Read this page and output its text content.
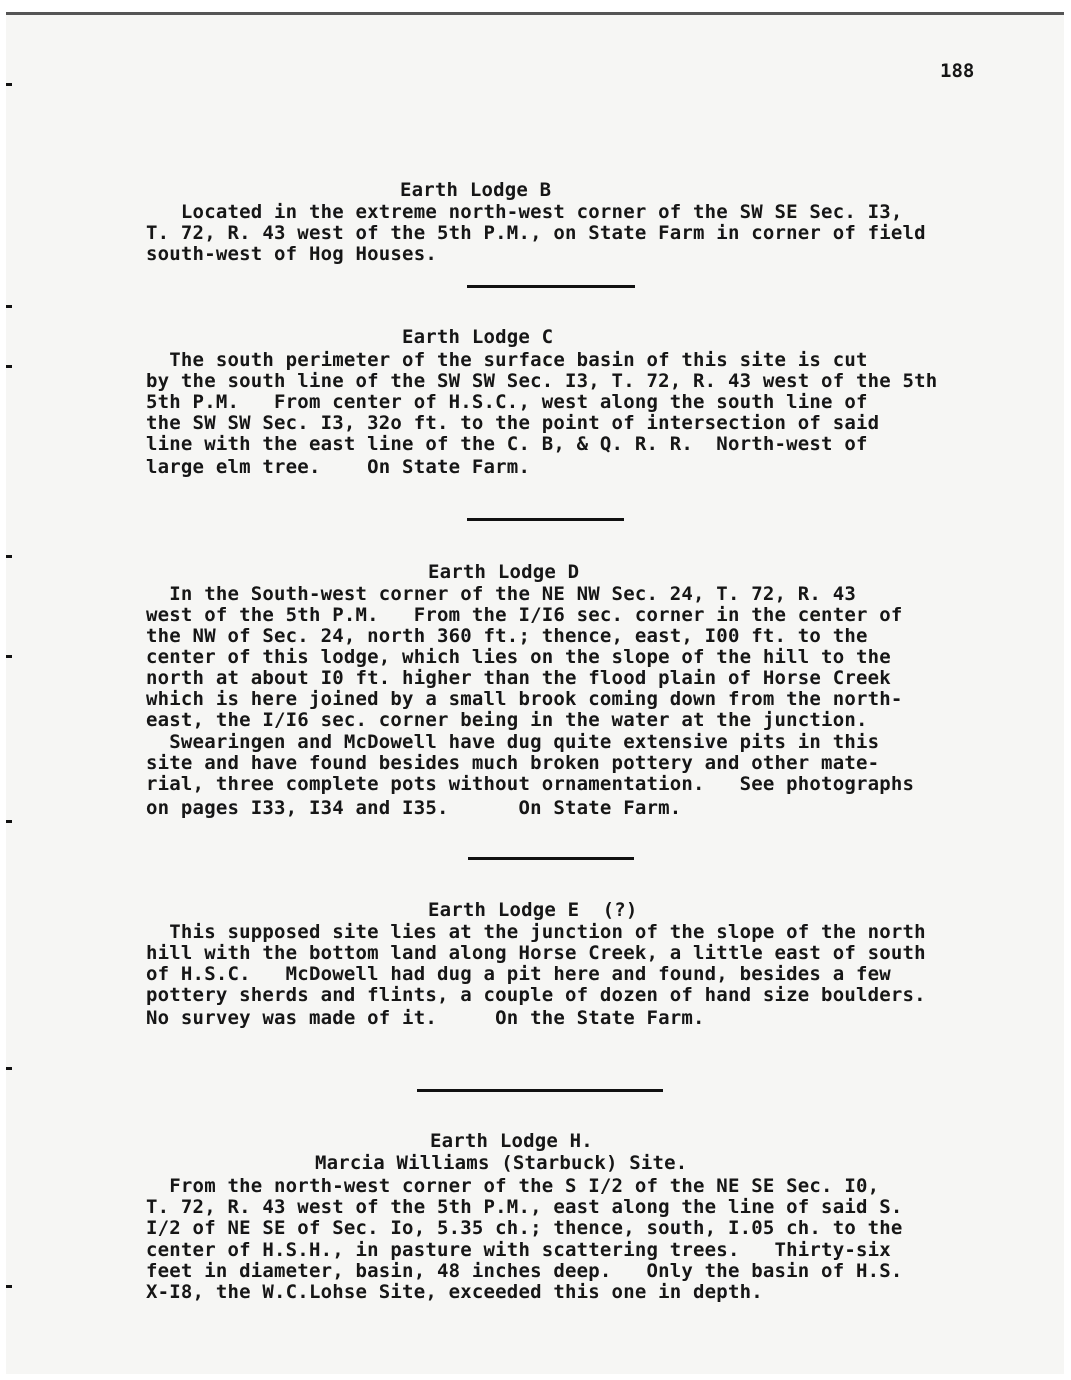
188
Earth Lodge B
Located in the extreme north-west corner of the SW SE Sec. I3,
T. 72, R. 43 west of the 5th P.M., on State Farm in corner of field
south-west of Hog Houses.
Earth Lodge C
The south perimeter of the surface basin of this site is cut
by the south line of the SW SW Sec. I3, T. 72, R. 43 west of the 5th
5th P.M.   From center of H.S.C., west along the south line of
the SW SW Sec. I3, 32o ft. to the point of intersection of said
line with the east line of the C. B, & Q. R. R.  North-west of
large elm tree.    On State Farm.
Earth Lodge D
In the South-west corner of the NE NW Sec. 24, T. 72, R. 43
west of the 5th P.M.   From the I/I6 sec. corner in the center of
the NW of Sec. 24, north 360 ft.; thence, east, I00 ft. to the
center of this lodge, which lies on the slope of the hill to the
north at about I0 ft. higher than the flood plain of Horse Creek
which is here joined by a small brook coming down from the north-
east, the I/I6 sec. corner being in the water at the junction.
Swearingen and McDowell have dug quite extensive pits in this
site and have found besides much broken pottery and other mate-
rial, three complete pots without ornamentation.   See photographs
on pages I33, I34 and I35.      On State Farm.
Earth Lodge E  (?)
This supposed site lies at the junction of the slope of the north
hill with the bottom land along Horse Creek, a little east of south
of H.S.C.   McDowell had dug a pit here and found, besides a few
pottery sherds and flints, a couple of dozen of hand size boulders.
No survey was made of it.     On the State Farm.
Earth Lodge H.
Marcia Williams (Starbuck) Site.
From the north-west corner of the S I/2 of the NE SE Sec. I0,
T. 72, R. 43 west of the 5th P.M., east along the line of said S.
I/2 of NE SE of Sec. Io, 5.35 ch.; thence, south, I.05 ch. to the
center of H.S.H., in pasture with scattering trees.   Thirty-six
feet in diameter, basin, 48 inches deep.   Only the basin of H.S.
X-I8, the W.C.Lohse Site, exceeded this one in depth.
